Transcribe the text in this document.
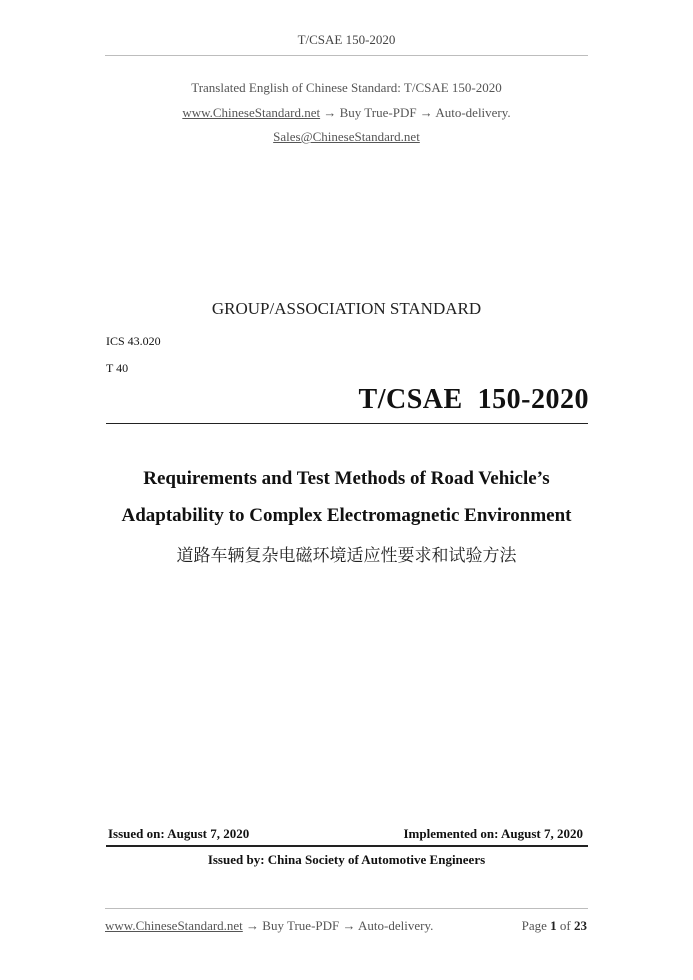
T/CSAE 150-2020
Translated English of Chinese Standard: T/CSAE 150-2020
www.ChineseStandard.net → Buy True-PDF → Auto-delivery.
Sales@ChineseStandard.net
GROUP/ASSOCIATION STANDARD
ICS 43.020
T 40
T/CSAE  150-2020
Requirements and Test Methods of Road Vehicle’s
Adaptability to Complex Electromagnetic Environment
道路车辆复杂电磁环境适应性要求和试验方法
Issued on: August 7, 2020	Implemented on: August 7, 2020
Issued by: China Society of Automotive Engineers
www.ChineseStandard.net → Buy True-PDF → Auto-delivery.	Page 1 of 23
